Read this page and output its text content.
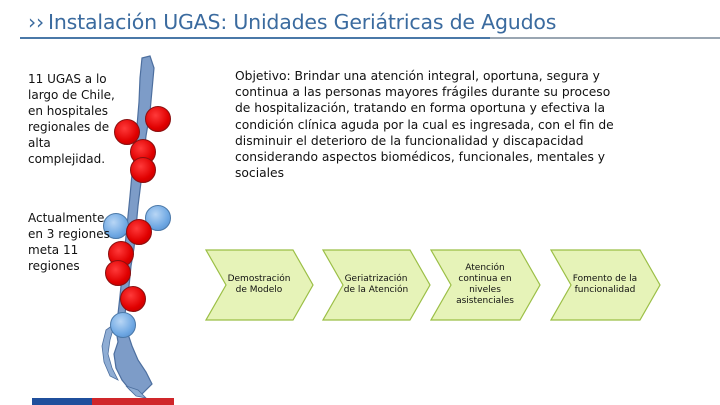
›› Instalación UGAS: Unidades Geriátricas de Agudos
11 UGAS a lo largo de Chile, en hospitales regionales de alta complejidad.
Actualmente en 3 regiones meta 11 regiones
Objetivo: Brindar una atención integral, oportuna, segura y continua a las personas mayores frágiles durante su proceso de hospitalización, tratando en forma oportuna y efectiva la condición clínica aguda por la cual es ingresada, con el fin de disminuir el deterioro de la funcionalidad y discapacidad considerando aspectos biomédicos, funcionales, mentales y sociales
Demostración de Modelo
Geriatrización de la Atención
Atención continua en niveles asistenciales
Fomento de la funcionalidad
